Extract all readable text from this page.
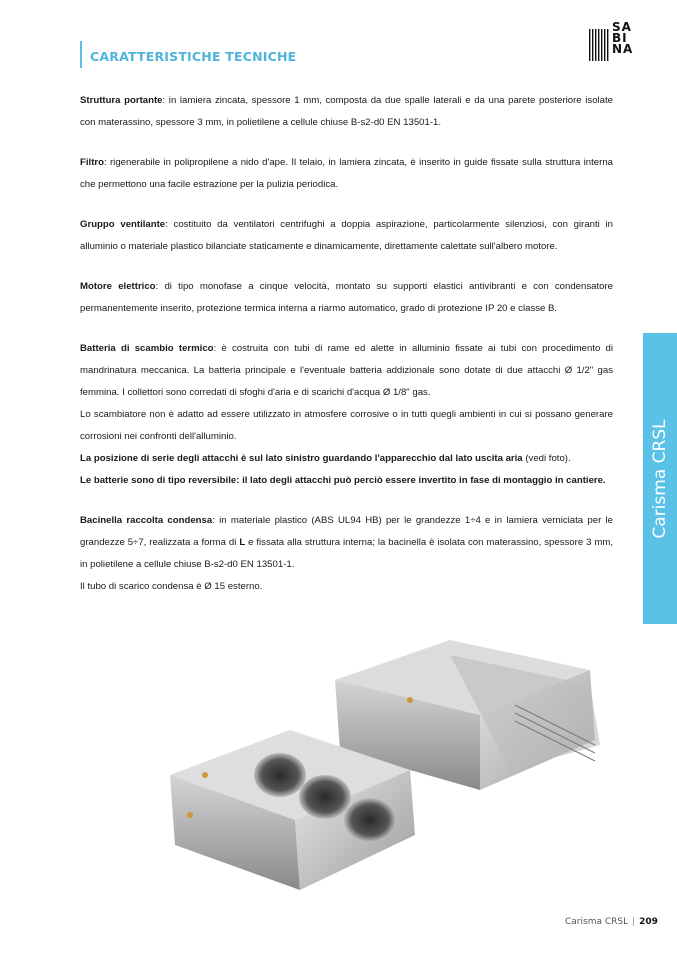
CARATTERISTICHE TECNICHE
SA
BI
NA

Struttura portante: in lamiera zincata, spessore 1 mm, composta da due spalle laterali e da una parete posteriore isolate con materassino, spessore 3 mm, in polietilene a cellule chiuse B-s2-d0 EN 13501-1.

Filtro: rigenerabile in polipropilene a nido d'ape. Il telaio, in lamiera zincata, è inserito in guide fissate sulla struttura interna che permettono una facile estrazione per la pulizia periodica.

Gruppo ventilante: costituito da ventilatori centrifughi a doppia aspirazione, particolarmente silenziosi, con giranti in alluminio o materiale plastico bilanciate staticamente e dinamicamente, direttamente calettate sull'albero motore.

Motore elettrico: di tipo monofase a cinque velocità, montato su supporti elastici antivibranti e con condensatore permanentemente inserito, protezione termica interna a riarmo automatico, grado di protezione IP 20 e classe B.

Batteria di scambio termico: è costruita con tubi di rame ed alette in alluminio fissate ai tubi con procedimento di mandrinatura meccanica. La batteria principale e l'eventuale batteria addizionale sono dotate di due attacchi Ø 1/2" gas femmina. I collettori sono corredati di sfoghi d'aria e di scarichi d'acqua Ø 1/8" gas.
Lo scambiatore non è adatto ad essere utilizzato in atmosfere corrosive o in tutti quegli ambienti in cui si possano generare corrosioni nei confronti dell'alluminio.
La posizione di serie degli attacchi è sul lato sinistro guardando l'apparecchio dal lato uscita aria (vedi foto).
Le batterie sono di tipo reversibile: il lato degli attacchi può perciò essere invertito in fase di montaggio in cantiere.

Bacinella raccolta condensa: in materiale plastico (ABS UL94 HB) per le grandezze 1÷4 e in lamiera verniciata per le grandezze 5÷7, realizzata a forma di L e fissata alla struttura interna; la bacinella è isolata con materassino, spessore 3 mm, in polietilene a cellule chiuse B-s2-d0 EN 13501-1.
Il tubo di scarico condensa è Ø 15 esterno.

Carisma CRSL
Carisma CRSL | 209
